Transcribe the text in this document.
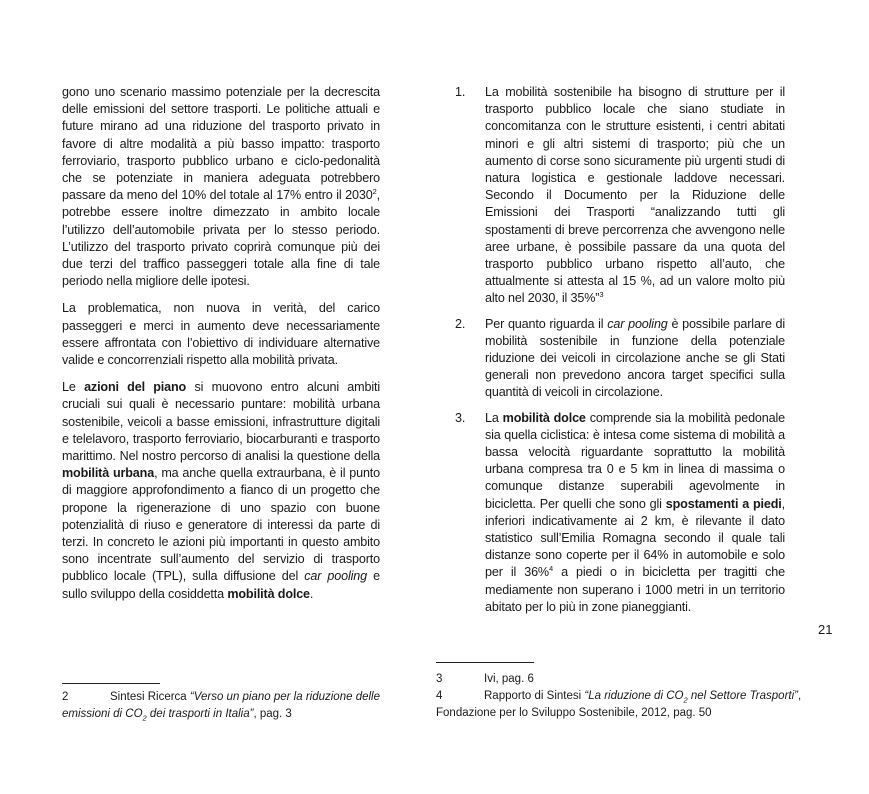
gono uno scenario massimo potenziale per la decrescita delle emissioni del settore trasporti. Le politiche attuali e future mirano ad una riduzione del trasporto privato in favore di altre modalità a più basso impatto: trasporto ferroviario, trasporto pubblico urbano e ciclo-pedonalità che se potenziate in maniera adeguata potrebbero passare da meno del 10% del totale al 17% entro il 2030$^2$, potrebbe essere inoltre dimezzato in ambito locale l’utilizzo dell’automobile privata per lo stesso periodo. L’utilizzo del trasporto privato coprirà comunque più dei due terzi del traffico passeggeri totale alla fine di tale periodo nella migliore delle ipotesi.

La problematica, non nuova in verità, del carico passeggeri e merci in aumento deve necessariamente essere affrontata con l’obiettivo di individuare alternative valide e concorrenziali rispetto alla mobilità privata.

Le azioni del piano si muovono entro alcuni ambiti cruciali sui quali è necessario puntare: mobilità urbana sostenibile, veicoli a basse emissioni, infrastrutture digitali e telelavoro, trasporto ferroviario, biocarburanti e trasporto marittimo. Nel nostro percorso di analisi la questione della mobilità urbana, ma anche quella extraurbana, è il punto di maggiore approfondimento a fianco di un progetto che propone la rigenerazione di uno spazio con buone potenzialità di riuso e generatore di interessi da parte di terzi. In concreto le azioni più importanti in questo ambito sono incentrate sull’aumento del servizio di trasporto pubblico locale (TPL), sulla diffusione del car pooling e sullo sviluppo della cosiddetta mobilità dolce.

1.	La mobilità sostenibile ha bisogno di strutture per il trasporto pubblico locale che siano studiate in concomitanza con le strutture esistenti, i centri abitati minori e gli altri sistemi di trasporto; più che un aumento di corse sono sicuramente più urgenti studi di natura logistica e gestionale laddove necessari. Secondo il Documento per la Riduzione delle Emissioni dei Trasporti “analizzando tutti gli spostamenti di breve percorrenza che avvengono nelle aree urbane, è possibile passare da una quota del trasporto pubblico urbano rispetto all’auto, che attualmente si attesta al 15 %, ad un valore molto più alto nel 2030, il 35%”$^3$
2.	Per quanto riguarda il car pooling è possibile parlare di mobilità sostenibile in funzione della potenziale riduzione dei veicoli in circolazione anche se gli Stati generali non prevedono ancora target specifici sulla quantità di veicoli in circolazione.
3.	La mobilità dolce comprende sia la mobilità pedonale sia quella ciclistica: è intesa come sistema di mobilità a bassa velocità riguardante soprattutto la mobilità urbana compresa tra 0 e 5 km in linea di massima o comunque distanze superabili agevolmente in bicicletta. Per quelli che sono gli spostamenti a piedi, inferiori indicativamente ai 2 km, è rilevante il dato statistico sull’Emilia Romagna secondo il quale tali distanze sono coperte per il 64% in automobile e solo per il 36%$^4$ a piedi o in bicicletta per tragitti che mediamente non superano i 1000 metri in un territorio abitato per lo più in zone pianeggianti.
21
2	Sintesi Ricerca “Verso un piano per la riduzione delle emissioni di $CO_2$ dei trasporti in Italia”, pag. 3
3	Ivi, pag. 6
4	Rapporto di Sintesi “La riduzione di $CO_2$ nel Settore Trasporti”, Fondazione per lo Sviluppo Sostenibile, 2012, pag. 50
